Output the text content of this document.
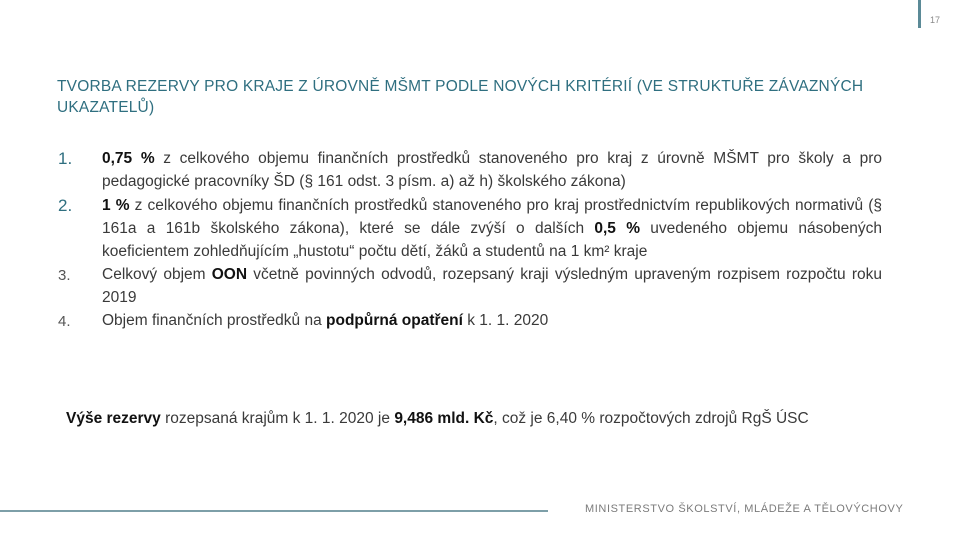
17
TVORBA REZERVY PRO KRAJE Z ÚROVNĚ MŠMT PODLE NOVÝCH KRITÉRIÍ (VE STRUKTUŘE ZÁVAZNÝCH UKAZATELŮ)
1.	0,75 % z celkového objemu finančních prostředků stanoveného pro kraj z úrovně MŠMT pro školy a pro pedagogické pracovníky ŠD (§ 161 odst. 3 písm. a) až h) školského zákona)
2.	1 % z celkového objemu finančních prostředků stanoveného pro kraj prostřednictvím republikových normativů (§ 161a a 161b školského zákona), které se dále zvýší o dalších 0,5 % uvedeného objemu násobených koeficientem zohledňujícím „hustotu“ počtu dětí, žáků a studentů na 1 km² kraje
3.	Celkový objem OON včetně povinných odvodů, rozepsaný kraji výsledným upraveným rozpisem rozpočtu roku 2019
4.	Objem finančních prostředků na podpůrná opatření k 1. 1. 2020
Výše rezervy rozepsaná krajům k 1. 1. 2020 je 9,486 mld. Kč, což je 6,40 % rozpočtových zdrojů RgŠ ÚSC
MINISTERSTVO ŠKOLSTVÍ, MLÁDEŽE A TĚLOVÝCHOVY
